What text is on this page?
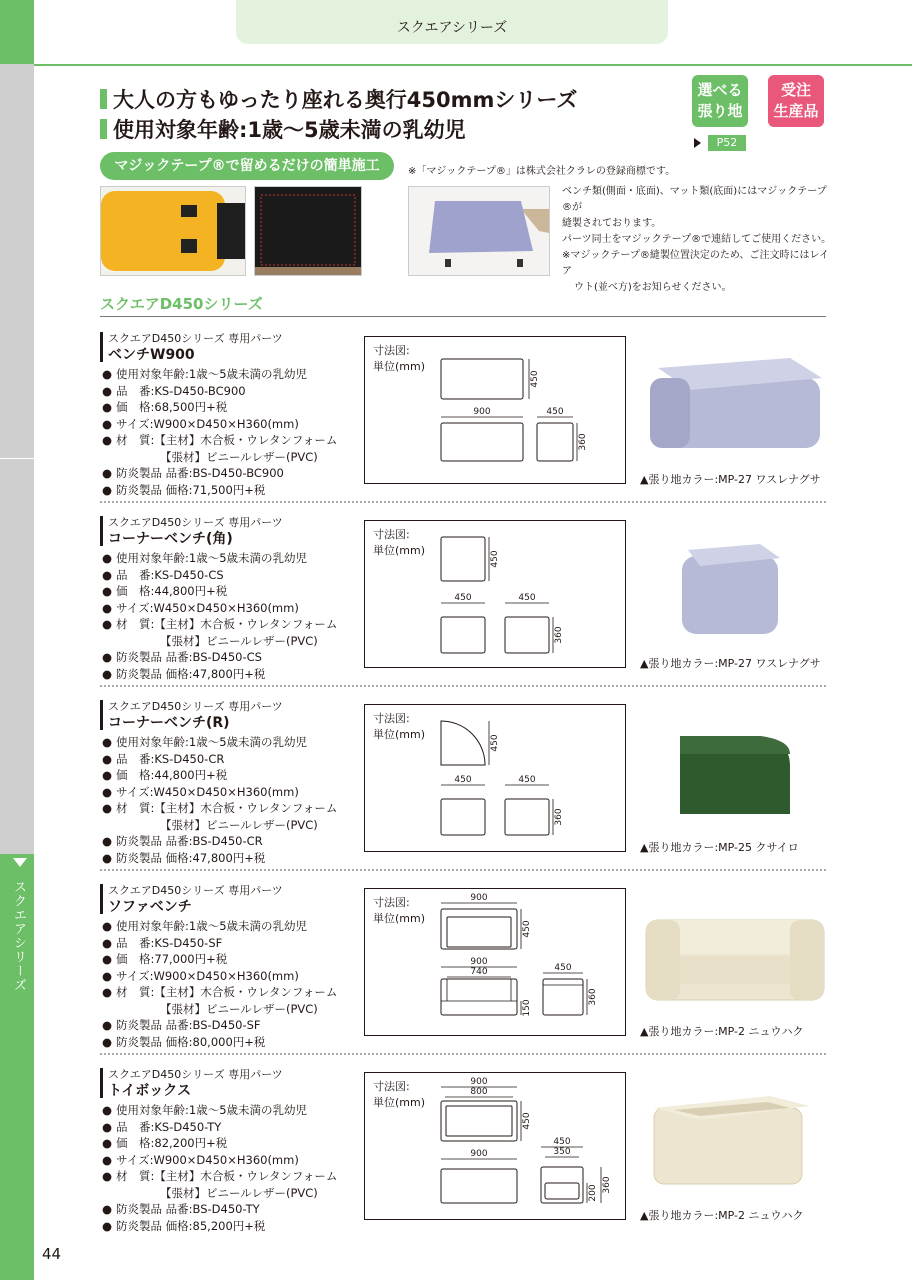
スクエアシリーズ
44
スクエアシリーズ
大人の方もゆったり座れる奥行450mmシリーズ
使用対象年齢:1歳〜5歳未満の乳幼児
選べる
張り地
受注
生産品
P52
マジックテープ®で留めるだけの簡単施工	※「マジックテープ®」は株式会社クラレの登録商標です。
ベンチ類(側面・底面)、マット類(底面)にはマジックテープ®が
縫製されております。
パーツ同士をマジックテープ®で連結してご使用ください。
※マジックテープ®縫製位置決定のため、ご注文時にはレイア
ウト(並べ方)をお知らせください。
スクエアD450シリーズ
スクエアD450シリーズ 専用パーツ
ベンチW900
● 使用対象年齢:1歳〜5歳未満の乳幼児
● 品　番:KS-D450-BC900
● 価　格:68,500円+税
● サイズ:W900×D450×H360(mm)
● 材　質:【主材】木合板・ウレタンフォーム
【張材】ビニールレザー(PVC)
● 防炎製品 品番:BS-D450-BC900
● 防炎製品 価格:71,500円+税
寸法図:
単位(mm)
450
900	450
360
▲張り地カラー:MP-27 ワスレナグサ
スクエアD450シリーズ 専用パーツ
コーナーベンチ(角)
● 使用対象年齢:1歳〜5歳未満の乳幼児
● 品　番:KS-D450-CS
● 価　格:44,800円+税
● サイズ:W450×D450×H360(mm)
● 材　質:【主材】木合板・ウレタンフォーム
【張材】ビニールレザー(PVC)
● 防炎製品 品番:BS-D450-CS
● 防炎製品 価格:47,800円+税
寸法図:
単位(mm)	450
450	450
360
▲張り地カラー:MP-27 ワスレナグサ
スクエアD450シリーズ 専用パーツ
コーナーベンチ(R)
● 使用対象年齢:1歳〜5歳未満の乳幼児
● 品　番:KS-D450-CR
● 価　格:44,800円+税
● サイズ:W450×D450×H360(mm)
● 材　質:【主材】木合板・ウレタンフォーム
【張材】ビニールレザー(PVC)
● 防炎製品 品番:BS-D450-CR
● 防炎製品 価格:47,800円+税
寸法図:
単位(mm)	450
450	450
360
▲張り地カラー:MP-25 クサイロ
スクエアD450シリーズ 専用パーツ
ソファベンチ
● 使用対象年齢:1歳〜5歳未満の乳幼児
● 品　番:KS-D450-SF
● 価　格:77,000円+税
● サイズ:W900×D450×H360(mm)
● 材　質:【主材】木合板・ウレタンフォーム
【張材】ビニールレザー(PVC)
● 防炎製品 品番:BS-D450-SF
● 防炎製品 価格:80,000円+税
寸法図:
単位(mm)
900
450
900
740
150
450
360
▲張り地カラー:MP-2 ニュウハク
スクエアD450シリーズ 専用パーツ
トイボックス
● 使用対象年齢:1歳〜5歳未満の乳幼児
● 品　番:KS-D450-TY
● 価　格:82,200円+税
● サイズ:W900×D450×H360(mm)
● 材　質:【主材】木合板・ウレタンフォーム
【張材】ビニールレザー(PVC)
● 防炎製品 品番:BS-D450-TY
● 防炎製品 価格:85,200円+税
寸法図:
単位(mm)
900
800
450
900
450
350
200 360
▲張り地カラー:MP-2 ニュウハク
